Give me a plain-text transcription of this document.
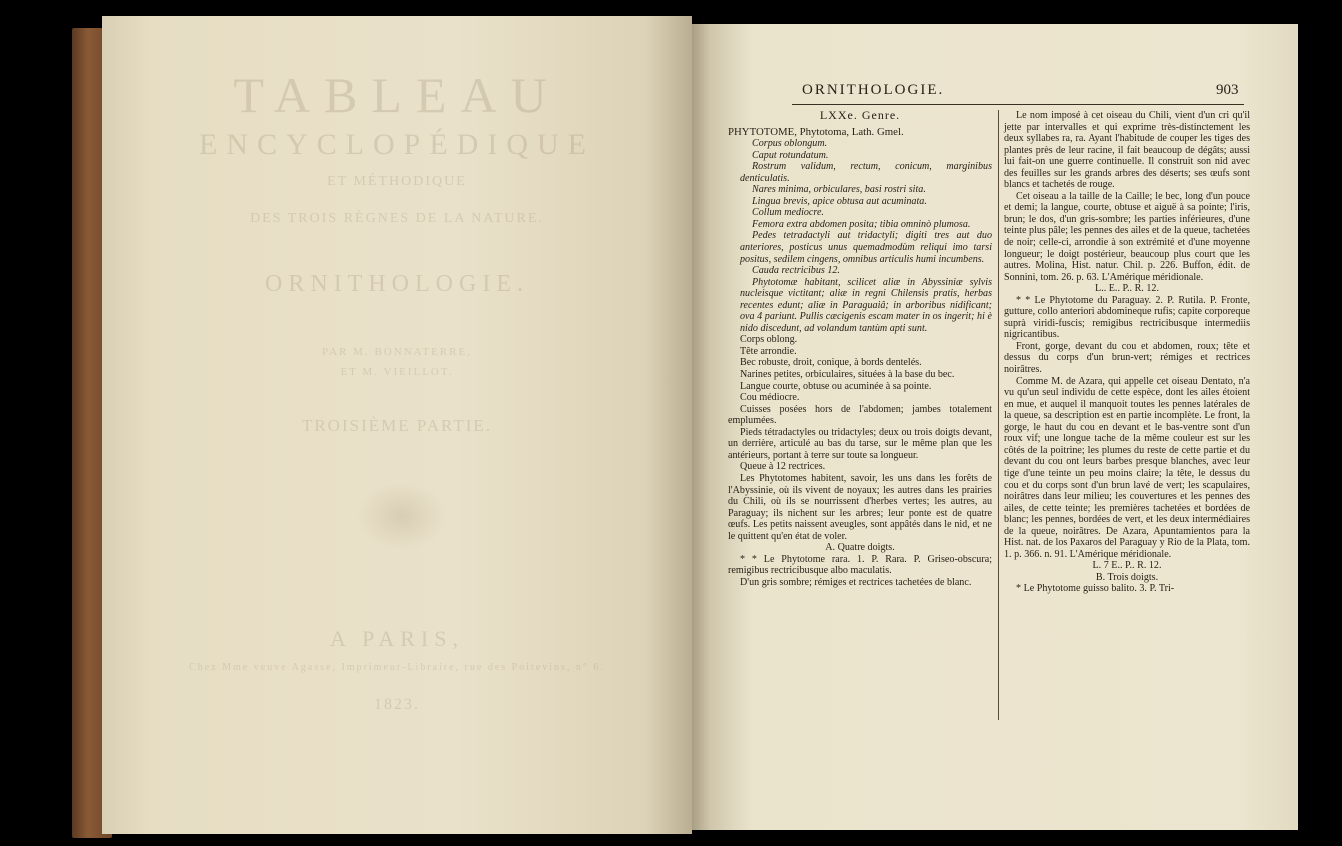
TABLEAU
ENCYCLOPÉDIQUE
ET MÉTHODIQUE
DES TROIS RÈGNES DE LA NATURE.
ORNITHOLOGIE.
PAR M. BONNATERRE,
ET M. VIEILLOT.
TROISIÈME PARTIE.
A PARIS,
Chez Mme veuve Agasse, Imprimeur-Libraire, rue des Poitevins, n° 6.
1823.
ORNITHOLOGIE.	903

LXXe. Genre.

PHYTOTOME, Phytotoma, Lath. Gmel.

Corpus oblongum.

Caput rotundatum.

Rostrum validum, rectum, conicum, marginibus denticulatis.

Nares minima, orbiculares, basi rostri sita.

Lingua brevis, apice obtusa aut acuminata.

Collum mediocre.

Femora extra abdomen posita; tibia omninò plumosa.

Pedes tetradactyli aut tridactyli; digiti tres aut duo anteriores, posticus unus quemadmodùm reliqui imo tarsi positus, sedilem cingens, omnibus articulis humi incumbens.

Cauda rectricibus 12.

Phytotomæ habitant, scilicet aliæ in Abyssiniæ sylvis nucleisque victitant; aliæ in regni Chilensis pratis, herbas recentes edunt; aliæ in Paraguaiâ; in arboribus nidificant; ova 4 pariunt. Pullis cæcigenis escam mater in os ingerit; hi è nido discedunt, ad volandum tantùm apti sunt.

Corps oblong.

Tête arrondie.

Bec robuste, droit, conique, à bords dentelés.

Narines petites, orbiculaires, situées à la base du bec.

Langue courte, obtuse ou acuminée à sa pointe.

Cou médiocre.

Cuisses posées hors de l'abdomen; jambes totalement emplumées.

Pieds tétradactyles ou tridactyles; deux ou trois doigts devant, un derrière, articulé au bas du tarse, sur le même plan que les antérieurs, portant à terre sur toute sa longueur.

Queue à 12 rectrices.

Les Phytotomes habitent, savoir, les uns dans les forêts de l'Abyssinie, où ils vivent de noyaux; les autres dans les prairies du Chili, où ils se nourrissent d'herbes vertes; les autres, au Paraguay; ils nichent sur les arbres; leur ponte est de quatre œufs. Les petits naissent aveugles, sont appâtés dans le nid, et ne le quittent qu'en état de voler.

A. Quatre doigts.

* * Le Phytotome rara. 1. P. Rara. P. Griseo-obscura; remigibus rectricibusque albo maculatis.

D'un gris sombre; rémiges et rectrices tachetées de blanc.

Le nom imposé à cet oiseau du Chili, vient d'un cri qu'il jette par intervalles et qui exprime très-distinctement les deux syllabes ra, ra. Ayant l'habitude de couper les tiges des plantes près de leur racine, il fait beaucoup de dégâts; aussi lui fait-on une guerre continuelle. Il construit son nid avec des feuilles sur les grands arbres des déserts; ses œufs sont blancs et tachetés de rouge.

Cet oiseau a la taille de la Caille; le bec, long d'un pouce et demi; la langue, courte, obtuse et aiguë à sa pointe; l'iris, brun; le dos, d'un gris-sombre; les parties inférieures, d'une teinte plus pâle; les pennes des ailes et de la queue, tachetées de noir; celle-ci, arrondie à son extrémité et d'une moyenne longueur; le doigt postérieur, beaucoup plus court que les autres. Molina, Hist. natur. Chil. p. 226. Buffon, édit. de Sonnini, tom. 26. p. 63. L'Amérique méridionale.

L.. E.. P.. R. 12.

* * Le Phytotome du Paraguay. 2. P. Rutila. P. Fronte, gutture, collo anteriori abdomineque rufis; capite corporeque suprà viridi-fuscis; remigibus rectricibusque intermediis nigricantibus.

Front, gorge, devant du cou et abdomen, roux; tête et dessus du corps d'un brun-vert; rémiges et rectrices noirâtres.

Comme M. de Azara, qui appelle cet oiseau Dentato, n'a vu qu'un seul individu de cette espèce, dont les ailes étoient en mue, et auquel il manquoit toutes les pennes latérales de la queue, sa description est en partie incomplète. Le front, la gorge, le haut du cou en devant et le bas-ventre sont d'un roux vif; une longue tache de la même couleur est sur les côtés de la poitrine; les plumes du reste de cette partie et du devant du cou ont leurs barbes presque blanches, avec leur tige d'une teinte un peu moins claire; la tête, le dessus du cou et du corps sont d'un brun lavé de vert; les scapulaires, noirâtres dans leur milieu; les couvertures et les pennes des ailes, de cette teinte; les premières tachetées et bordées de blanc; les pennes, bordées de vert, et les deux intermédiaires de la queue, noirâtres. De Azara, Apuntamientos para la Hist. nat. de los Paxaros del Paraguay y Rio de la Plata, tom. 1. p. 366. n. 91. L'Amérique méridionale.

L. 7 E.. P.. R. 12.

B. Trois doigts.

* Le Phytotome guisso balito. 3. P. Tri-
